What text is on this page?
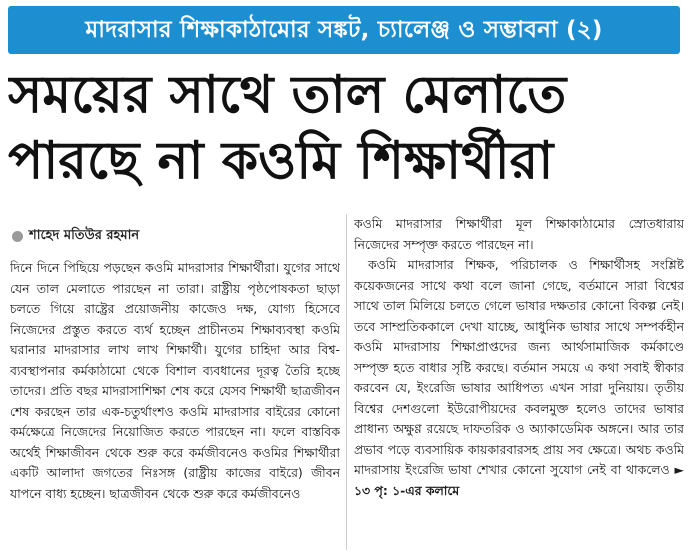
মাদরাসার শিক্ষাকাঠামোর সঙ্কট, চ্যালেঞ্জ ও সম্ভাবনা (২)
সময়ের সাথে তাল মেলাতে
পারছে না কওমি শিক্ষার্থীরা
শাহেদ মতিউর রহমান

দিনে দিনে পিছিয়ে পড়ছেন কওমি মাদরাসার শিক্ষার্থীরা। যুগের সাথে যেন তাল মেলাতে পারছেন না তারা। রাষ্ট্রীয় পৃষ্ঠপোষকতা ছাড়া চলতে গিয়ে রাষ্ট্রের প্রয়োজনীয় কাজেও দক্ষ, যোগ্য হিসেবে নিজেদের প্রস্তুত করতে ব্যর্থ হচ্ছেন প্রাচীনতম শিক্ষাব্যবস্থা কওমি ঘরানার মাদরাসার লাখ লাখ শিক্ষার্থী। যুগের চাহিদা আর বিশ্ব-ব্যবস্থাপনার কর্মকাঠামো থেকে বিশাল ব্যবধানের দূরত্ব তৈরি হচ্ছে তাদের। প্রতি বছর মাদরাসাশিক্ষা শেষ করে যেসব শিক্ষার্থী ছাত্রজীবন শেষ করছেন তার এক-চতুর্থাংশও কওমি মাদরাসার বাইরের কোনো কর্মক্ষেত্রে নিজেদের নিয়োজিত করতে পারছেন না। ফলে বাস্তবিক অর্থেই শিক্ষাজীবন থেকে শুরু করে কর্মজীবনেও কওমির শিক্ষার্থীরা একটি আলাদা জগতের নিঃসঙ্গ (রাষ্ট্রীয় কাজের বাইরে) জীবন যাপনে বাধ্য হচ্ছেন। ছাত্রজীবন থেকে শুরু করে কর্মজীবনেও

কওমি মাদরাসার শিক্ষার্থীরা মূল শিক্ষাকাঠামোর স্রোতধারায় নিজেদের সম্পৃক্ত করতে পারছেন না।

কওমি মাদরাসার শিক্ষক, পরিচালক ও শিক্ষার্থীসহ সংশ্লিষ্ট কয়েকজনের সাথে কথা বলে জানা গেছে, বর্তমানে সারা বিশ্বের সাথে তাল মিলিয়ে চলতে গেলে ভাষার দক্ষতার কোনো বিকল্প নেই। তবে সাম্প্রতিককালে দেখা যাচ্ছে, আধুনিক ভাষার সাথে সম্পর্কহীন কওমি মাদরাসায় শিক্ষাপ্রাপ্তদের জন্য আর্থসামাজিক কর্মকাণ্ডে সম্পৃক্ত হতে বাধার সৃষ্টি করছে। বর্তমান সময়ে এ কথা সবাই স্বীকার করবেন যে, ইংরেজি ভাষার আধিপত্য এখন সারা দুনিয়ায়। তৃতীয় বিশ্বের দেশগুলো ইউরোপীয়দের কবলমুক্ত হলেও তাদের ভাষার প্রাধান্য অক্ষুণ্ণ রয়েছে দাফতরিক ও অ্যাকাডেমিক অঙ্গনে। আর তার প্রভাব পড়ে ব্যবসায়িক কায়কারবারসহ প্রায় সব ক্ষেত্রে। অথচ কওমি মাদরাসায় ইংরেজি ভাষা শেখার কোনো সুযোগ নেই বা থাকলেও ► ১৩ পৃ: ১-এর কলামে
